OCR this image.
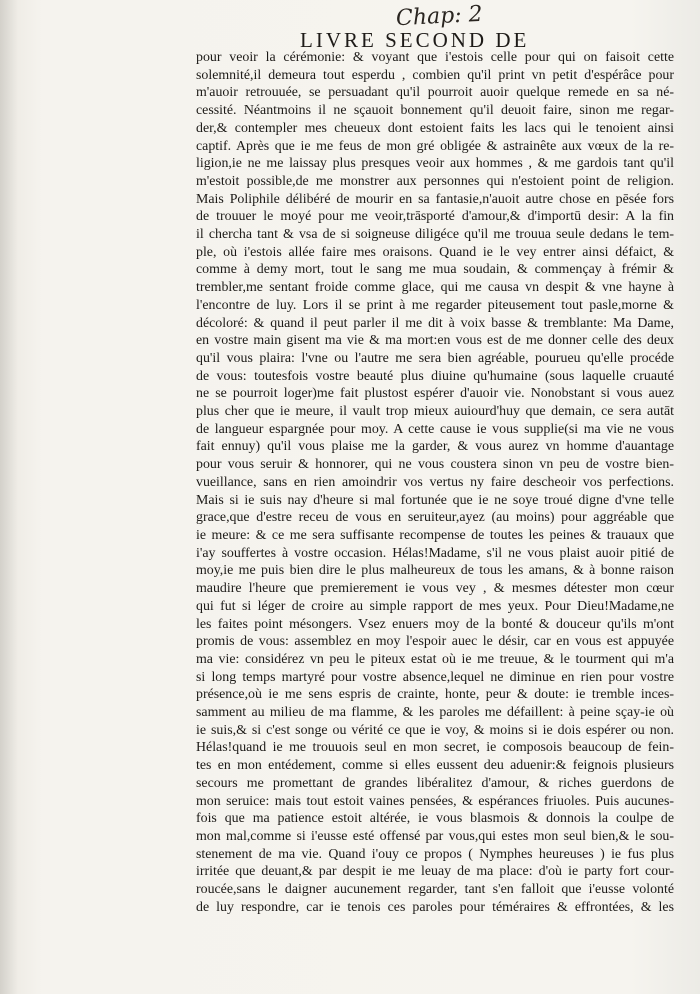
Chap: 2
LIVRE SECOND DE
pour veoir la cérémonie: & voyant que i'estois celle pour qui on faisoit cette
solemnité,il demeura tout esperdu , combien qu'il print vn petit d'espérâce pour
m'auoir retrouuée, se persuadant qu'il pourroit auoir quelque remede en sa né-
cessité. Néantmoins il ne sçauoit bonnement qu'il deuoit faire, sinon me regar-
der,& contempler mes cheueux dont estoient faits les lacs qui le tenoient ainsi
captif. Après que ie me feus de mon gré obligée & astrainête aux vœux de la re-
ligion,ie ne me laissay plus presques veoir aux hommes , & me gardois tant qu'il
m'estoit possible,de me monstrer aux personnes qui n'estoient point de religion.
Mais Poliphile délibéré de mourir en sa fantasie,n'auoit autre chose en pēsée fors
de trouuer le moyé pour me veoir,trāsporté d'amour,& d'importū desir: A la fin
il chercha tant & vsa de si soigneuse diligéce qu'il me trouua seule dedans le tem-
ple, où i'estois allée faire mes oraisons. Quand ie le vey entrer ainsi défaict, &
comme à demy mort, tout le sang me mua soudain, & commençay à frémir &
trembler,me sentant froide comme glace, qui me causa vn despit & vne hayne à
l'encontre de luy. Lors il se print à me regarder piteusement tout pasle,morne &
décoloré: & quand il peut parler il me dit à voix basse & tremblante: Ma Dame,
en vostre main gisent ma vie & ma mort:en vous est de me donner celle des deux
qu'il vous plaira: l'vne ou l'autre me sera bien agréable, pourueu qu'elle procéde
de vous: toutesfois vostre beauté plus diuine qu'humaine (sous laquelle cruauté
ne se pourroit loger)me fait plustost espérer d'auoir vie. Nonobstant si vous auez
plus cher que ie meure, il vault trop mieux auiourd'huy que demain, ce sera autāt
de langueur espargnée pour moy. A cette cause ie vous supplie(si ma vie ne vous
fait ennuy) qu'il vous plaise me la garder, & vous aurez vn homme d'auantage
pour vous seruir & honnorer, qui ne vous coustera sinon vn peu de vostre bien-
vueillance, sans en rien amoindrir vos vertus ny faire descheoir vos perfections.
Mais si ie suis nay d'heure si mal fortunée que ie ne soye troué digne d'vne telle
grace,que d'estre receu de vous en seruiteur,ayez (au moins) pour aggréable que
ie meure: & ce me sera suffisante recompense de toutes les peines & trauaux que
i'ay souffertes à vostre occasion. Hélas!Madame, s'il ne vous plaist auoir pitié de
moy,ie me puis bien dire le plus malheureux de tous les amans, & à bonne raison
maudire l'heure que premierement ie vous vey , & mesmes détester mon cœur
qui fut si léger de croire au simple rapport de mes yeux. Pour Dieu!Madame,ne
les faites point mésongers. Vsez enuers moy de la bonté & douceur qu'ils m'ont
promis de vous: assemblez en moy l'espoir auec le désir, car en vous est appuyée
ma vie: considérez vn peu le piteux estat où ie me treuue, & le tourment qui m'a
si long temps martyré pour vostre absence,lequel ne diminue en rien pour vostre
présence,où ie me sens espris de crainte, honte, peur & doute: ie tremble inces-
samment au milieu de ma flamme, & les paroles me défaillent: à peine sçay-ie où
ie suis,& si c'est songe ou vérité ce que ie voy, & moins si ie dois espérer ou non.
Hélas!quand ie me trouuois seul en mon secret, ie composois beaucoup de fein-
tes en mon entédement, comme si elles eussent deu aduenir:& feignois plusieurs
secours me promettant de grandes libéralitez d'amour, & riches guerdons de
mon seruice: mais tout estoit vaines pensées, & espérances friuoles. Puis aucunes-
fois que ma patience estoit altérée, ie vous blasmois & donnois la coulpe de
mon mal,comme si i'eusse esté offensé par vous,qui estes mon seul bien,& le sou-
stenement de ma vie. Quand i'ouy ce propos ( Nymphes heureuses ) ie fus plus
irritée que deuant,& par despit ie me leuay de ma place: d'où ie party fort cour-
roucée,sans le daigner aucunement regarder, tant s'en falloit que i'eusse volonté
de luy respondre, car ie tenois ces paroles pour téméraires & effrontées, & les
